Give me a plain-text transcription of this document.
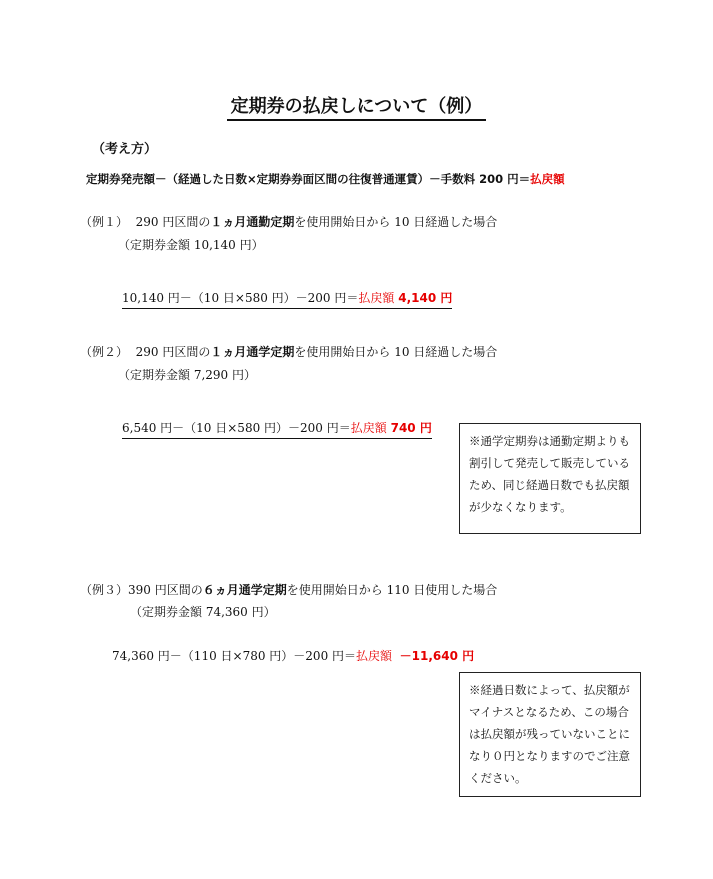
定期券の払戻しについて（例）
（考え方）
定期券発売額－（経過した日数×定期券券面区間の往復普通運賃）－手数料 200 円＝払戻額
（例１） 290 円区間の１ヵ月通勤定期を使用開始日から 10 日経過した場合
（定期券金額 10,140 円）
10,140 円－（10 日×580 円）－200 円＝払戻額 4,140 円
（例２） 290 円区間の１ヵ月通学定期を使用開始日から 10 日経過した場合
（定期券金額 7,290 円）
6,540 円－（10 日×580 円）－200 円＝払戻額 740 円
※通学定期券は通勤定期よりも割引して発売して販売しているため、同じ経過日数でも払戻額が少なくなります。
（例３）390 円区間の６ヵ月通学定期を使用開始日から 110 日使用した場合
（定期券金額 74,360 円）
74,360 円－（110 日×780 円）－200 円＝払戻額 －11,640 円
※経過日数によって、払戻額がマイナスとなるため、この場合は払戻額が残っていないことになり０円となりますのでご注意ください。
